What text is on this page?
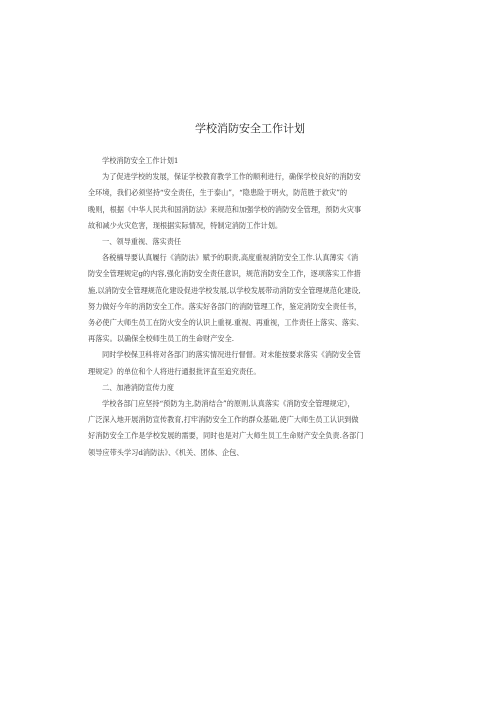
学校消防安全工作计划
学校消防安全工作计划1
为了促进学校的发展，保证学校教育教学工作的顺利进行，确保学校良好的消防安
全环境，我们必须坚持“安全责任，生于泰山”，“隐患险于明火，防范胜于救灾”的
晚则，根据《中华人民共和国消防法》来规范和加强学校的消防安全管理，预防火灾事
故和减少火灾危害，现根据实际情况，特制定消防工作计划。
一、领导重视、落实责任
各税楠导要认真履行《消防法》赋予的职责,高度重视消防安全工作.认真薄实《消
防安全管理规定g的内容,强化消防安全责任意识，规范消防安全工作，逐项落实工作措
施,以消防安全管理规范化建设促进学校发展,以学校发展带动消防安全管理规范化建设,
努力做好今年的消防安全工作。落实好各部门的消防管理工作，鉴定消防安全责任书，
务必使广大师生员工在防火安全的认识上重视.重视、再重视，工作责任上落实、落实、
再落实。以确保全校师生员工的生命财产安全.
同时学校保卫科将对各部门的落实情况进行督督。对未能按要求落实《消防安全管
理规定》的单位和个人将进行通报批评直至追究责任。
二、加港消防宣传力度
学校各部门应坚持“预防为主,防消结合”的原则,认真落实《消防安全管理规定》，
广泛深入地开展消防宣传教育,打牢消防安全工作的群众基础,使广大师生员工认识到做
好消防安全工作是学校发展的需要，同时也是对广大师生员工生命财产安全负责.各部门
领导应带头学习d消防法》、《机关、团体、企包、
